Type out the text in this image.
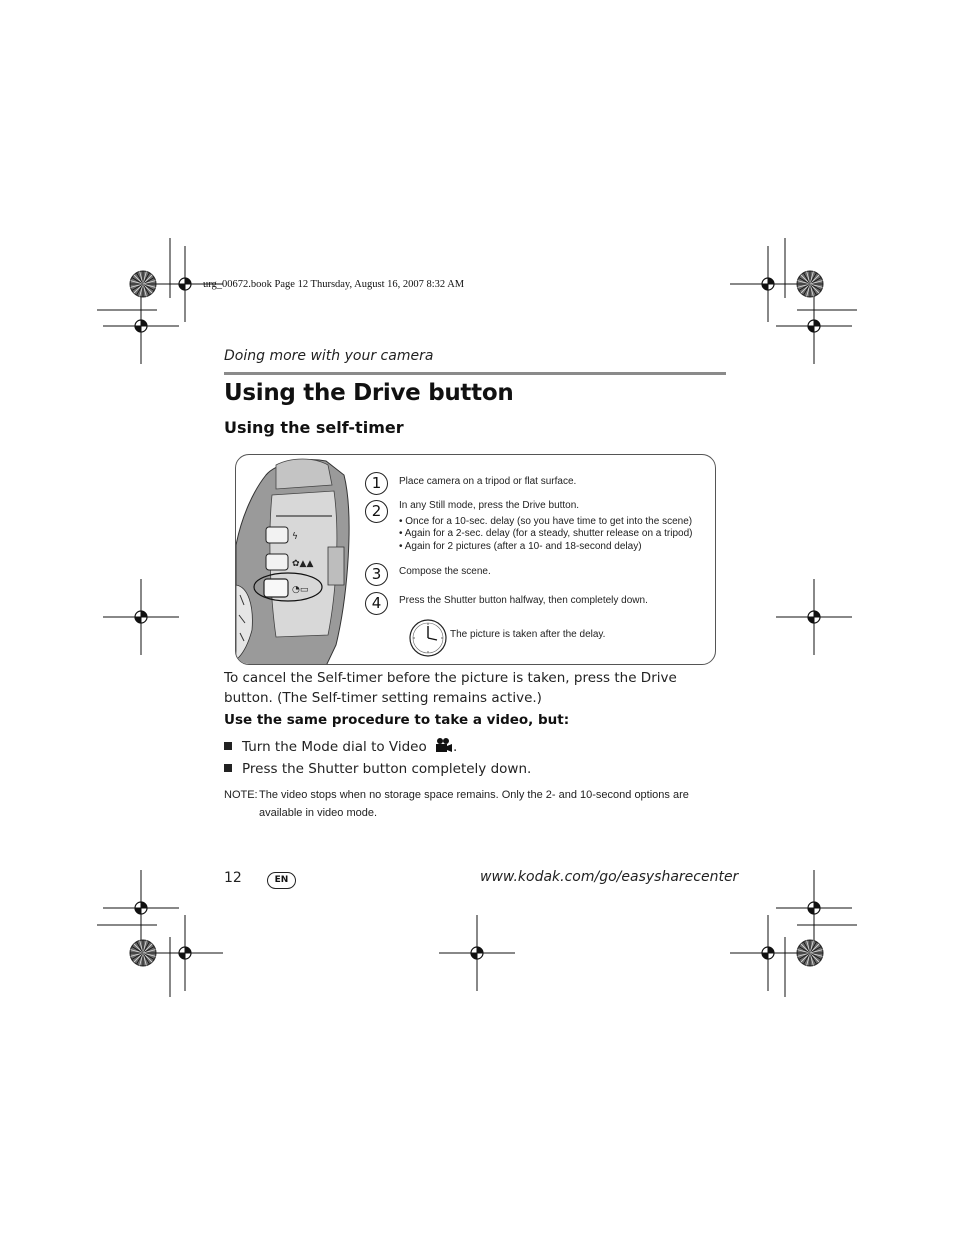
urg_00672.book Page 12 Thursday, August 16, 2007 8:32 AM
Doing more with your camera
Using the Drive button
Using the self-timer
ϟ
✿▲▲
◔▭
1	Place camera on a tripod or flat surface.
2	In any Still mode, press the Drive button.
• Once for a 10-sec. delay (so you have time to get into the scene)
• Again for a 2-sec. delay (for a steady, shutter release on a tripod)
• Again for 2 pictures (after a 10- and 18-second delay)
3	Compose the scene.
4	Press the Shutter button halfway, then completely down.
The picture is taken after the delay.
To cancel the Self-timer before the picture is taken, press the Drive button. (The Self-timer setting remains active.)
Use the same procedure to take a video, but:
Turn the Mode dial to Video .
Press the Shutter button completely down.
NOTE: The video stops when no storage space remains. Only the 2- and 10-second options are available in video mode.
12	EN	www.kodak.com/go/easysharecenter
